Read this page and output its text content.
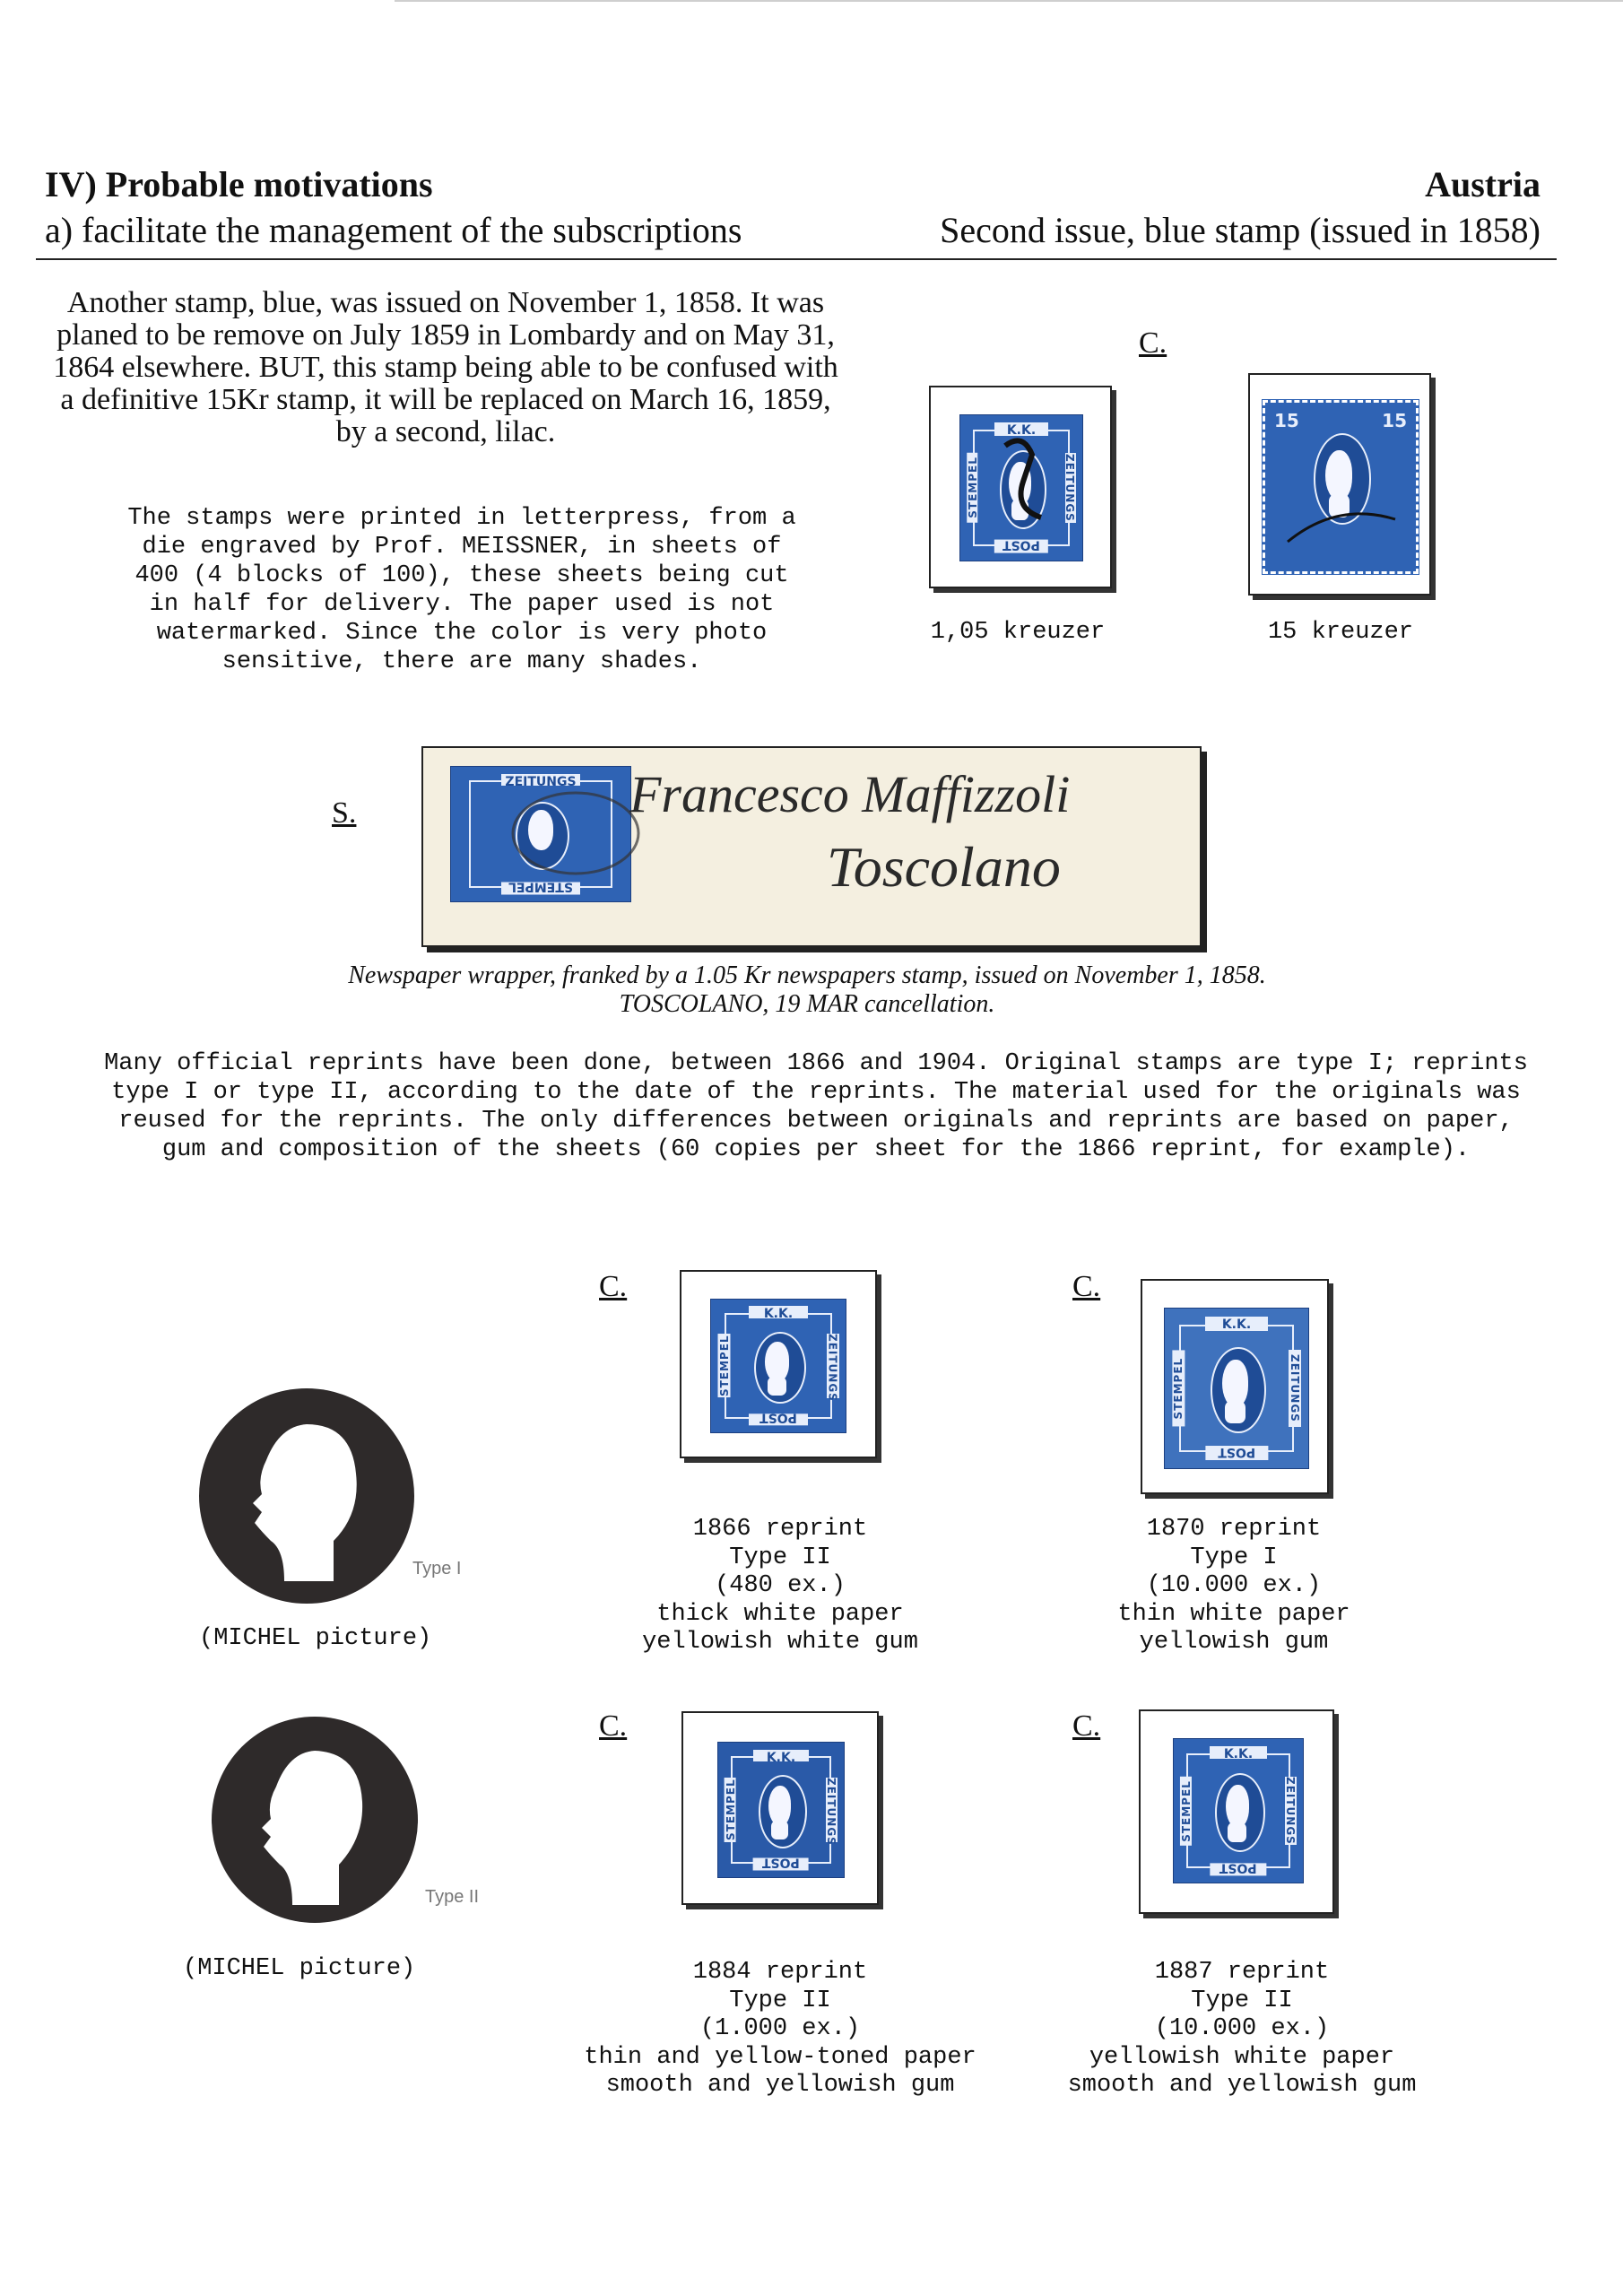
IV) Probable motivations
a) facilitate the management of the subscriptions
Austria
Second issue, blue stamp (issued in 1858)
Another stamp, blue, was issued on November 1, 1858. It was planed to be remove on July 1859 in Lombardy and on May 31, 1864 elsewhere. BUT, this stamp being able to be confused with a definitive 15Kr stamp, it will be replaced on March 16, 1859, by a second, lilac.
The stamps were printed in letterpress, from a
die engraved by Prof. MEISSNER, in sheets of
400 (4 blocks of 100), these sheets being cut
in half for delivery. The paper used is not
watermarked. Since the color is very photo
sensitive, there are many shades.
C.
K.K.
STEMPEL	ZEITUNGS
POST
1,05 kreuzer
15	15
15 kreuzer
S.
ZEITUNGS
STEMPEL
Francesco Maffizzoli
Toscolano
Newspaper wrapper, franked by a 1.05 Kr newspapers stamp, issued on November 1, 1858. TOSCOLANO, 19 MAR cancellation.
Many official reprints have been done, between 1866 and 1904. Original stamps are type I; reprints type I or type II, according to the date of the reprints. The material used for the originals was reused for the reprints. The only differences between originals and reprints are based on paper, gum and composition of the sheets (60 copies per sheet for the 1866 reprint, for example).
Type I
(MICHEL picture)
Type II
(MICHEL picture)
C.
K.K.
STEMPEL	ZEITUNGS
POST
1866 reprint
Type II
(480 ex.)
thick white paper
yellowish white gum
C.
K.K.
STEMPEL	ZEITUNGS
POST
1870 reprint
Type I
(10.000 ex.)
thin white paper
yellowish gum
C.
K.K.
STEMPEL	ZEITUNGS
POST
1884 reprint
Type II
(1.000 ex.)
thin and yellow-toned paper
smooth and yellowish gum
C.
K.K.
STEMPEL	ZEITUNGS
POST
1887 reprint
Type II
(10.000 ex.)
yellowish white paper
smooth and yellowish gum
